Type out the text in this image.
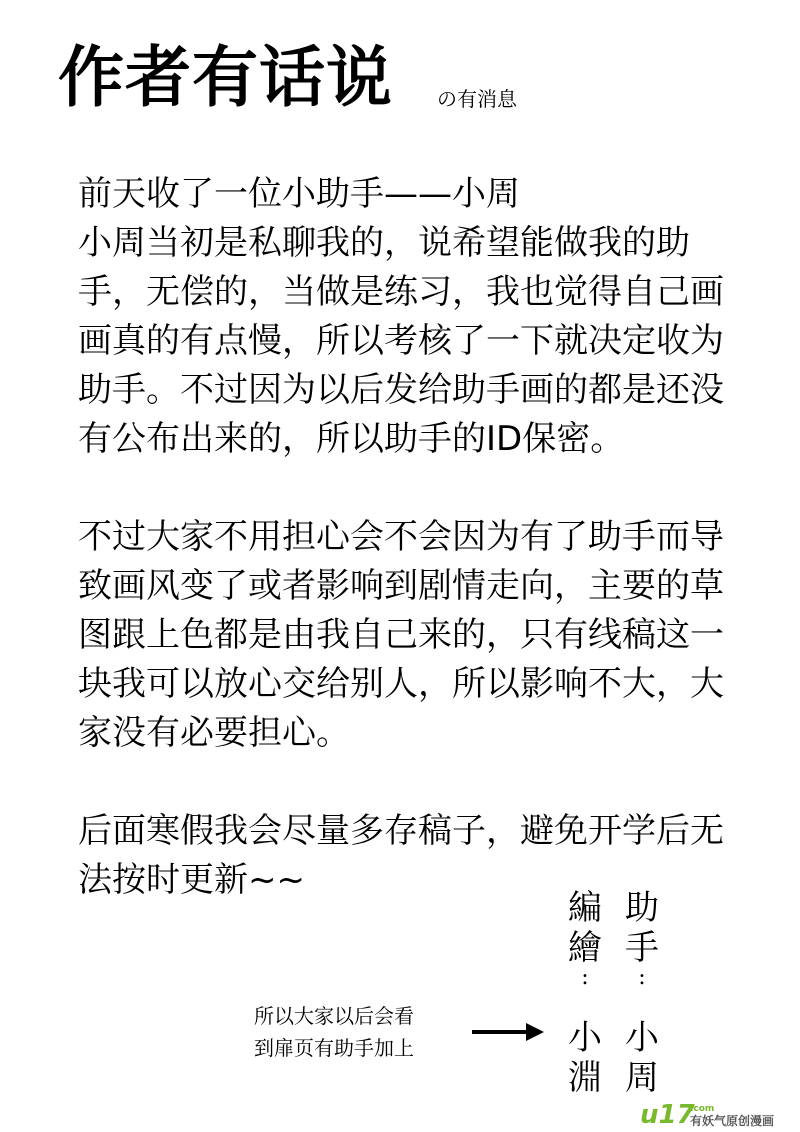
作者有话说 の有消息

前天收了一位小助手——小周
小周当初是私聊我的，说希望能做我的助手，无偿的，当做是练习，我也觉得自己画画真的有点慢，所以考核了一下就决定收为助手。不过因为以后发给助手画的都是还没有公布出来的，所以助手的ID保密。

不过大家不用担心会不会因为有了助手而导致画风变了或者影响到剧情走向，主要的草图跟上色都是由我自己来的，只有线稿这一块我可以放心交给别人，所以影响不大，大家没有必要担心。

后面寒假我会尽量多存稿子，避免开学后无法按时更新~~

編
繪
:
小
淵
助
手
:
小
周
所以大家以后会看
到扉页有助手加上
u17
.com
有妖气原创漫画
